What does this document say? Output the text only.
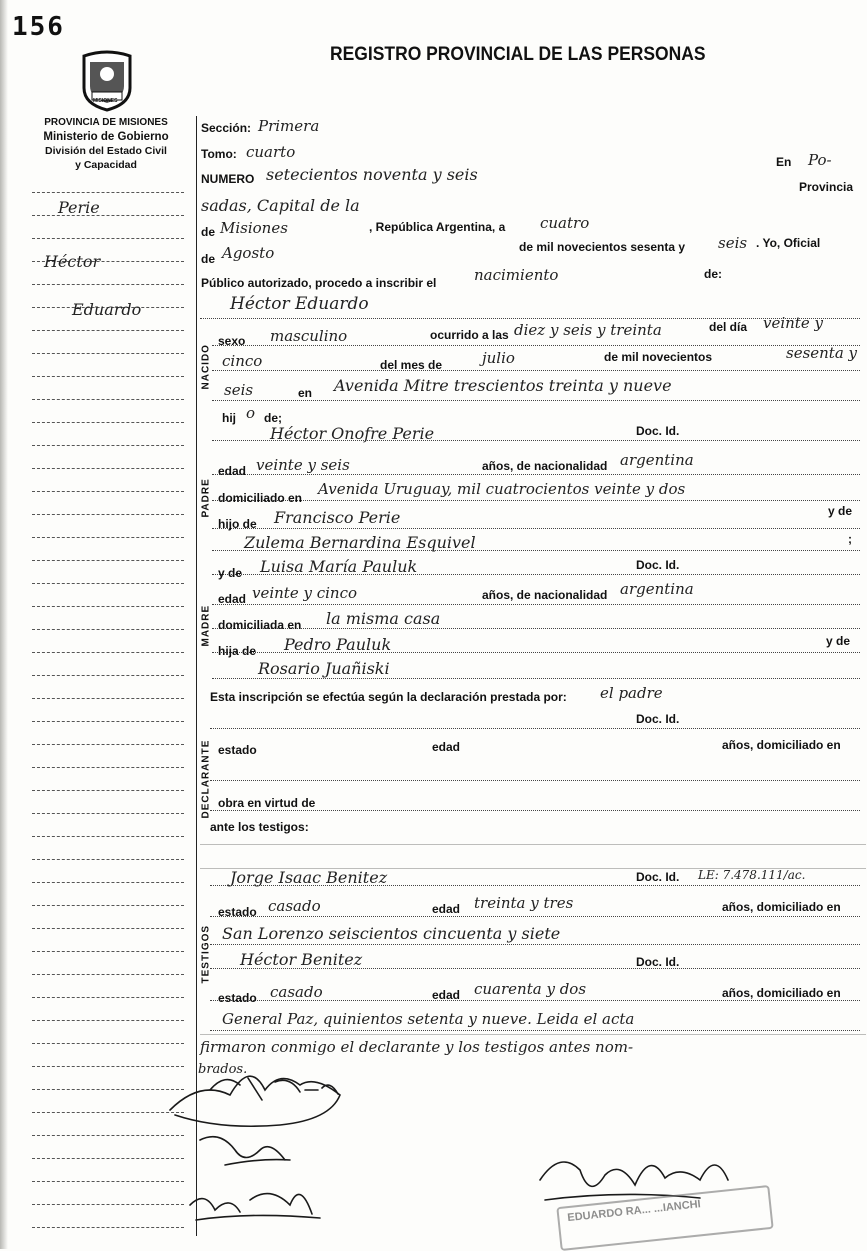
156
REGISTRO PROVINCIAL DE LAS PERSONAS
MISIONES
PROVINCIA DE MISIONES
Ministerio de Gobierno
División del Estado Civil
y Capacidad
Perie
Héctor
Eduardo
NACIDO
PADRE
MADRE
DECLARANTE
TESTIGOS
Sección: Primera
Tomo: cuarto
NUMERO setecientos noventa y seis
En Po-
sadas, Capital de la
Provincia
de Misiones	, República Argentina, a cuatro
de Agosto	de mil novecientos sesenta y seis . Yo, Oficial
Público autorizado, procedo a inscribir el	nacimiento	de:
Héctor Eduardo
sexo masculino	ocurrido a las diez y seis y treinta	del día veinte y
cinco	del mes de	julio	de mil novecientos	sesenta y
seis	en Avenida Mitre trescientos treinta y nueve
hij o de;
Héctor Onofre Perie	Doc. Id.
edad veinte y seis	años, de nacionalidad argentina
domiciliado en Avenida Uruguay, mil cuatrocientos veinte y dos
hijo de Francisco Perie	y de
Zulema Bernardina Esquivel	;
y de Luisa María Pauluk	Doc. Id.
edad veinte y cinco	años, de nacionalidad argentina
domiciliada en la misma casa
hija de Pedro Pauluk	y de
Rosario Juañiski
Esta inscripción se efectúa según la declaración prestada por: el padre
Doc. Id.
estado	edad	años, domiciliado en
obra en virtud de
ante los testigos:
Jorge Isaac Benitez	Doc. Id. LE: 7.478.111/ac.
estado casado	edad treinta y tres	años, domiciliado en
San Lorenzo seiscientos cincuenta y siete
Héctor Benitez	Doc. Id.
estado casado	edad cuarenta y dos	años, domiciliado en
General Paz, quinientos setenta y nueve. Leida el acta
firmaron conmigo el declarante y los testigos antes nom-
brados.
EDUARDO RA... ...IANCHI
